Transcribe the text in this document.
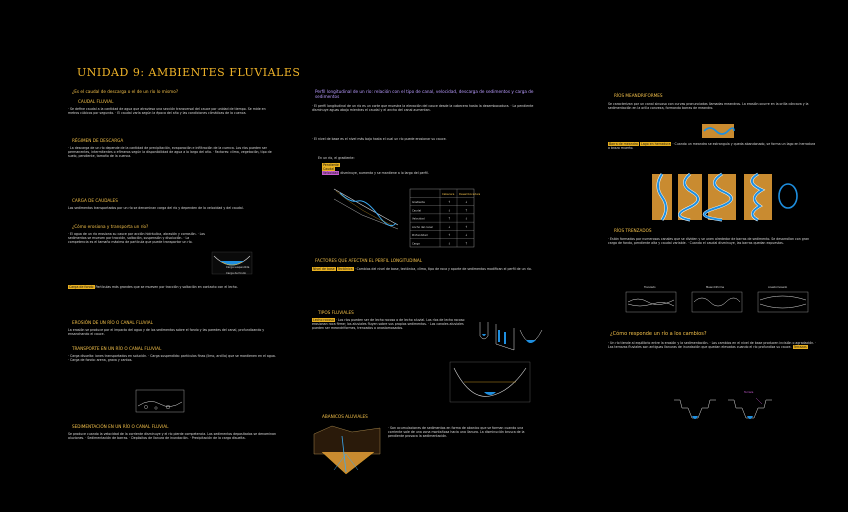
UNIDAD 9: AMBIENTES FLUVIALES
¿Es el caudal de descarga o el de un río lo mismo?
CAUDAL FLUVIAL
· Se define caudal a la cantidad de agua que atraviesa una sección transversal del cauce por unidad de tiempo. Se mide en metros cúbicos por segundo. · El caudal varía según la época del año y las condiciones climáticas de la cuenca.
RÉGIMEN DE DESCARGA
· La descarga de un río depende de la cantidad de precipitación, evaporación e infiltración de la cuenca. Los ríos pueden ser permanentes, intermitentes o efímeros según la disponibilidad de agua a lo largo del año. · Factores: clima, vegetación, tipo de suelo, pendiente, tamaño de la cuenca.
CARGA DE CAUDALES
Los sedimentos transportados por un río se denominan carga del río y dependen de la velocidad y del caudal.
¿Cómo erosiona y transporta un río?
· El agua de un río erosiona su cauce por acción hidráulica, abrasión y corrosión. · Los sedimentos se mueven por tracción, saltación, suspensión y disolución. · La competencia es el tamaño máximo de partícula que puede transportar un río.
Carga suspendida
Carga de fondo
Carga de fondo Partículas más grandes que se mueven por tracción y saltación en contacto con el lecho.
EROSIÓN DE UN RÍO O CANAL FLUVIAL
La erosión se produce por el impacto del agua y de los sedimentos sobre el fondo y las paredes del canal, profundizando y ensanchando el cauce.
TRANSPORTE EN UN RÍO O CANAL FLUVIAL
· Carga disuelta: iones transportados en solución. · Carga suspendida: partículas finas (limo, arcilla) que se mantienen en el agua. · Carga de fondo: arena, grava y cantos.
SEDIMENTACIÓN EN UN RÍO O CANAL FLUVIAL
Se produce cuando la velocidad de la corriente disminuye y el río pierde competencia. Los sedimentos depositados se denominan aluviones. · Sedimentación de barras. · Depósitos de llanura de inundación. · Precipitación de la carga disuelta.
Perfil longitudinal de un río: relación con el tipo de canal, velocidad, descarga de sedimentos y carga de sedimentos
· El perfil longitudinal de un río es un corte que muestra la elevación del cauce desde la cabecera hasta la desembocadura. · La pendiente disminuye aguas abajo mientras el caudal y el ancho del canal aumentan.
· El nivel de base es el nivel más bajo hasta el cual un río puede erosionar su cauce.
En un río, el gradiente:
Pendiente
Caudal
Velocidad disminuye, aumenta y se mantiene a lo largo del perfil.
Cabecera Desembocadura
Gradiente	↑	↓
Caudal	↓	↑
Velocidad	↑	↓
Ancho del canal	↓	↑
Profundidad	↑	↓
Carga	↓	↑
FACTORES QUE AFECTAN EL PERFIL LONGITUDINAL
Nivel de base Tectónica · Cambios del nivel de base, tectónica, clima, tipo de roca y aporte de sedimentos modifican el perfil de un río.
TIPOS FLUVIALES
Lecho rocoso · Los ríos pueden ser de lecho rocoso o de lecho aluvial. Los ríos de lecho rocoso erosionan roca firme; los aluviales fluyen sobre sus propios sedimentos. · Los canales aluviales pueden ser meandriformes, trenzados o anastomosados.
ABANICOS ALUVIALES
· Son acumulaciones de sedimentos en forma de abanico que se forman cuando una corriente sale de una zona montañosa hacia una llanura. La disminución brusca de la pendiente provoca la sedimentación.
RÍOS MEANDRIFORMES
Se caracterizan por un canal sinuoso con curvas pronunciadas llamadas meandros. La erosión ocurre en la orilla cóncava y la sedimentación en la orilla convexa, formando barras de meandro.
Barra de meandro Lago en herradura · Cuando un meandro se estrangula y queda abandonado, se forma un lago en herradura o brazo muerto.
RÍOS TRENZADOS
· Están formados por numerosos canales que se dividen y se unen alrededor de barras de sedimento. Se desarrollan con gran carga de fondo, pendiente alta y caudal variable. · Cuando el caudal disminuye, las barras quedan expuestas.
Trenzado	Meandriforme	Anastomosado
¿Cómo responde un río a los cambios?
· Un río tiende al equilibrio entre la erosión y la sedimentación. · Los cambios en el nivel de base producen incisión o agradación. · Las terrazas fluviales son antiguas llanuras de inundación que quedan elevadas cuando el río profundiza su cauce. Terrazas
Terraza
